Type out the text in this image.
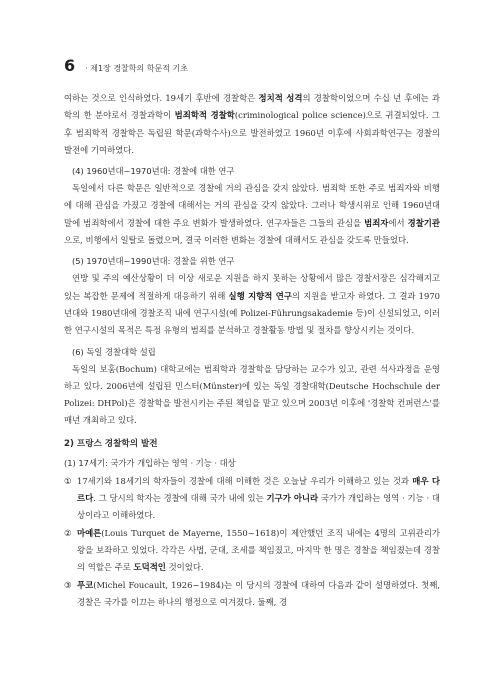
6 · 제1장 경찰학의 학문적 기초

여하는 것으로 인식하였다. 19세기 후반에 경찰학은 정치적 성격의 경찰학이었으며 수십 년 후에는 과학의 한 분야로서 경찰과학이 범죄학적 경찰학(criminological police science)으로 귀결되었다. 그 후 범죄학적 경찰학은 독립된 학문(과학수사)으로 발전하였고 1960년 이후에 사회과학연구는 경찰의 발전에 기여하였다.

(4) 1960년대~1970년대: 경찰에 대한 연구

독일에서 다른 학문은 일반적으로 경찰에 거의 관심을 갖지 않았다. 범죄학 또한 주로 범죄자와 비행에 대해 관심을 가졌고 경찰에 대해서는 거의 관심을 갖지 않았다. 그러나 학생시위로 인해 1960년대 말에 범죄학에서 경찰에 대한 주요 변화가 발생하였다. 연구자들은 그들의 관심을 범죄자에서 경찰기관으로, 비행에서 일탈로 돌렸으며, 결국 이러한 변화는 경찰에 대해서도 관심을 갖도록 만들었다.

(5) 1970년대~1990년대: 경찰을 위한 연구

연방 및 주의 예산상황이 더 이상 새로운 지원을 하지 못하는 상황에서 많은 경찰서장은 심각해지고 있는 복잡한 문제에 적절하게 대응하기 위해 실행 지향적 연구의 지원을 받고자 하였다. 그 결과 1970년대와 1980년대에 경찰조직 내에 연구시설(예 Polizei-Führungsakademie 등)이 신설되었고, 이러한 연구시설의 목적은 특정 유형의 범죄를 분석하고 경찰활동 방법 및 절차를 향상시키는 것이다.

(6) 독일 경찰대학 설립

독일의 보훔(Bochum) 대학교에는 범죄학과 경찰학을 담당하는 교수가 있고, 관련 석사과정을 운영하고 있다. 2006년에 설립된 민스터(Münster)에 있는 독일 경찰대학(Deutsche Hochschule der Polizei: DHPol)은 경찰학을 발전시키는 주된 책임을 맡고 있으며 2003년 이후에 '경찰학 컨퍼런스'를 매년 개최하고 있다.

2) 프랑스 경찰학의 발전
(1) 17세기: 국가가 개입하는 영역 · 기능 · 대상
① 17세기와 18세기의 학자들이 경찰에 대해 이해한 것은 오늘날 우리가 이해하고 있는 것과 매우 다르다. 그 당시의 학자는 경찰에 대해 국가 내에 있는 기구가 아니라 국가가 개입하는 영역 · 기능 · 대상이라고 이해하였다.
② 마예른(Louis Turquet de Mayerne, 1550~1618)이 제안했던 조직 내에는 4명의 고위관리가 왕을 보좌하고 있었다. 각각은 사법, 군대, 조세를 책임졌고, 마지막 한 명은 경찰을 책임졌는데 경찰의 역할은 주로 도덕적인 것이었다.
③ 푸코(Michel Foucault, 1926~1984)는 이 당시의 경찰에 대하여 다음과 같이 설명하였다. 첫째, 경찰은 국가를 이끄는 하나의 행정으로 여겨졌다. 둘째, 경
